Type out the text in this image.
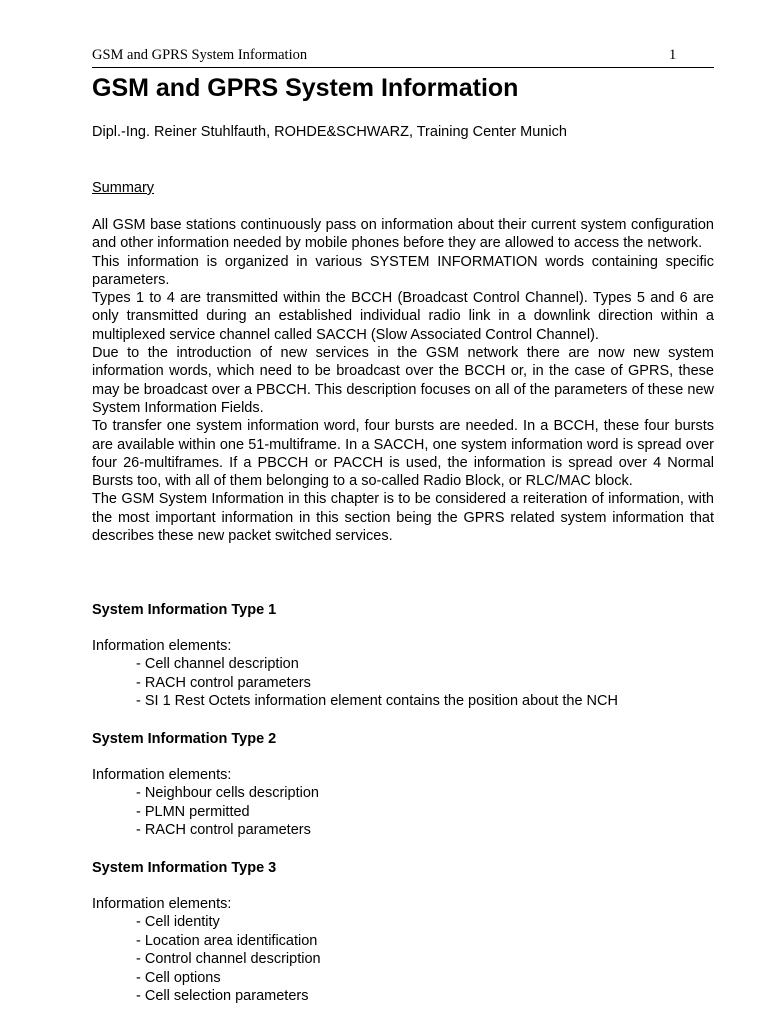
GSM and GPRS System Information	1
GSM and GPRS System Information
Dipl.-Ing. Reiner Stuhlfauth, ROHDE&SCHWARZ, Training Center Munich
Summary

All GSM base stations continuously pass on information about their current system configuration and other information needed by mobile phones before they are allowed to access the network.

This information is organized in various SYSTEM INFORMATION words containing specific parameters.

Types 1 to 4 are transmitted within the BCCH (Broadcast Control Channel). Types 5 and 6 are only transmitted during an established individual radio link in a downlink direction within a multiplexed service channel called SACCH (Slow Associated Control Channel).

Due to the introduction of new services in the GSM network there are now new system information words, which need to be broadcast over the BCCH or, in the case of GPRS, these may be broadcast over a PBCCH. This description focuses on all of the parameters of these new System Information Fields.

To transfer one system information word, four bursts are needed. In a BCCH, these four bursts are available within one 51-multiframe. In a SACCH, one system information word is spread over four 26-multiframes. If a PBCCH or PACCH is used, the information is spread over 4 Normal Bursts too, with all of them belonging to a so-called Radio Block, or RLC/MAC block.

The GSM System Information in this chapter is to be considered a reiteration of information, with the most important information in this section being the GPRS related system information that describes these new packet switched services.

System Information Type 1
Information elements:
- Cell channel description
- RACH control parameters
- SI 1 Rest Octets information element contains the position about the NCH
System Information Type 2
Information elements:
- Neighbour cells description
- PLMN permitted
- RACH control parameters
System Information Type 3
Information elements:
- Cell identity
- Location area identification
- Control channel description
- Cell options
- Cell selection parameters
